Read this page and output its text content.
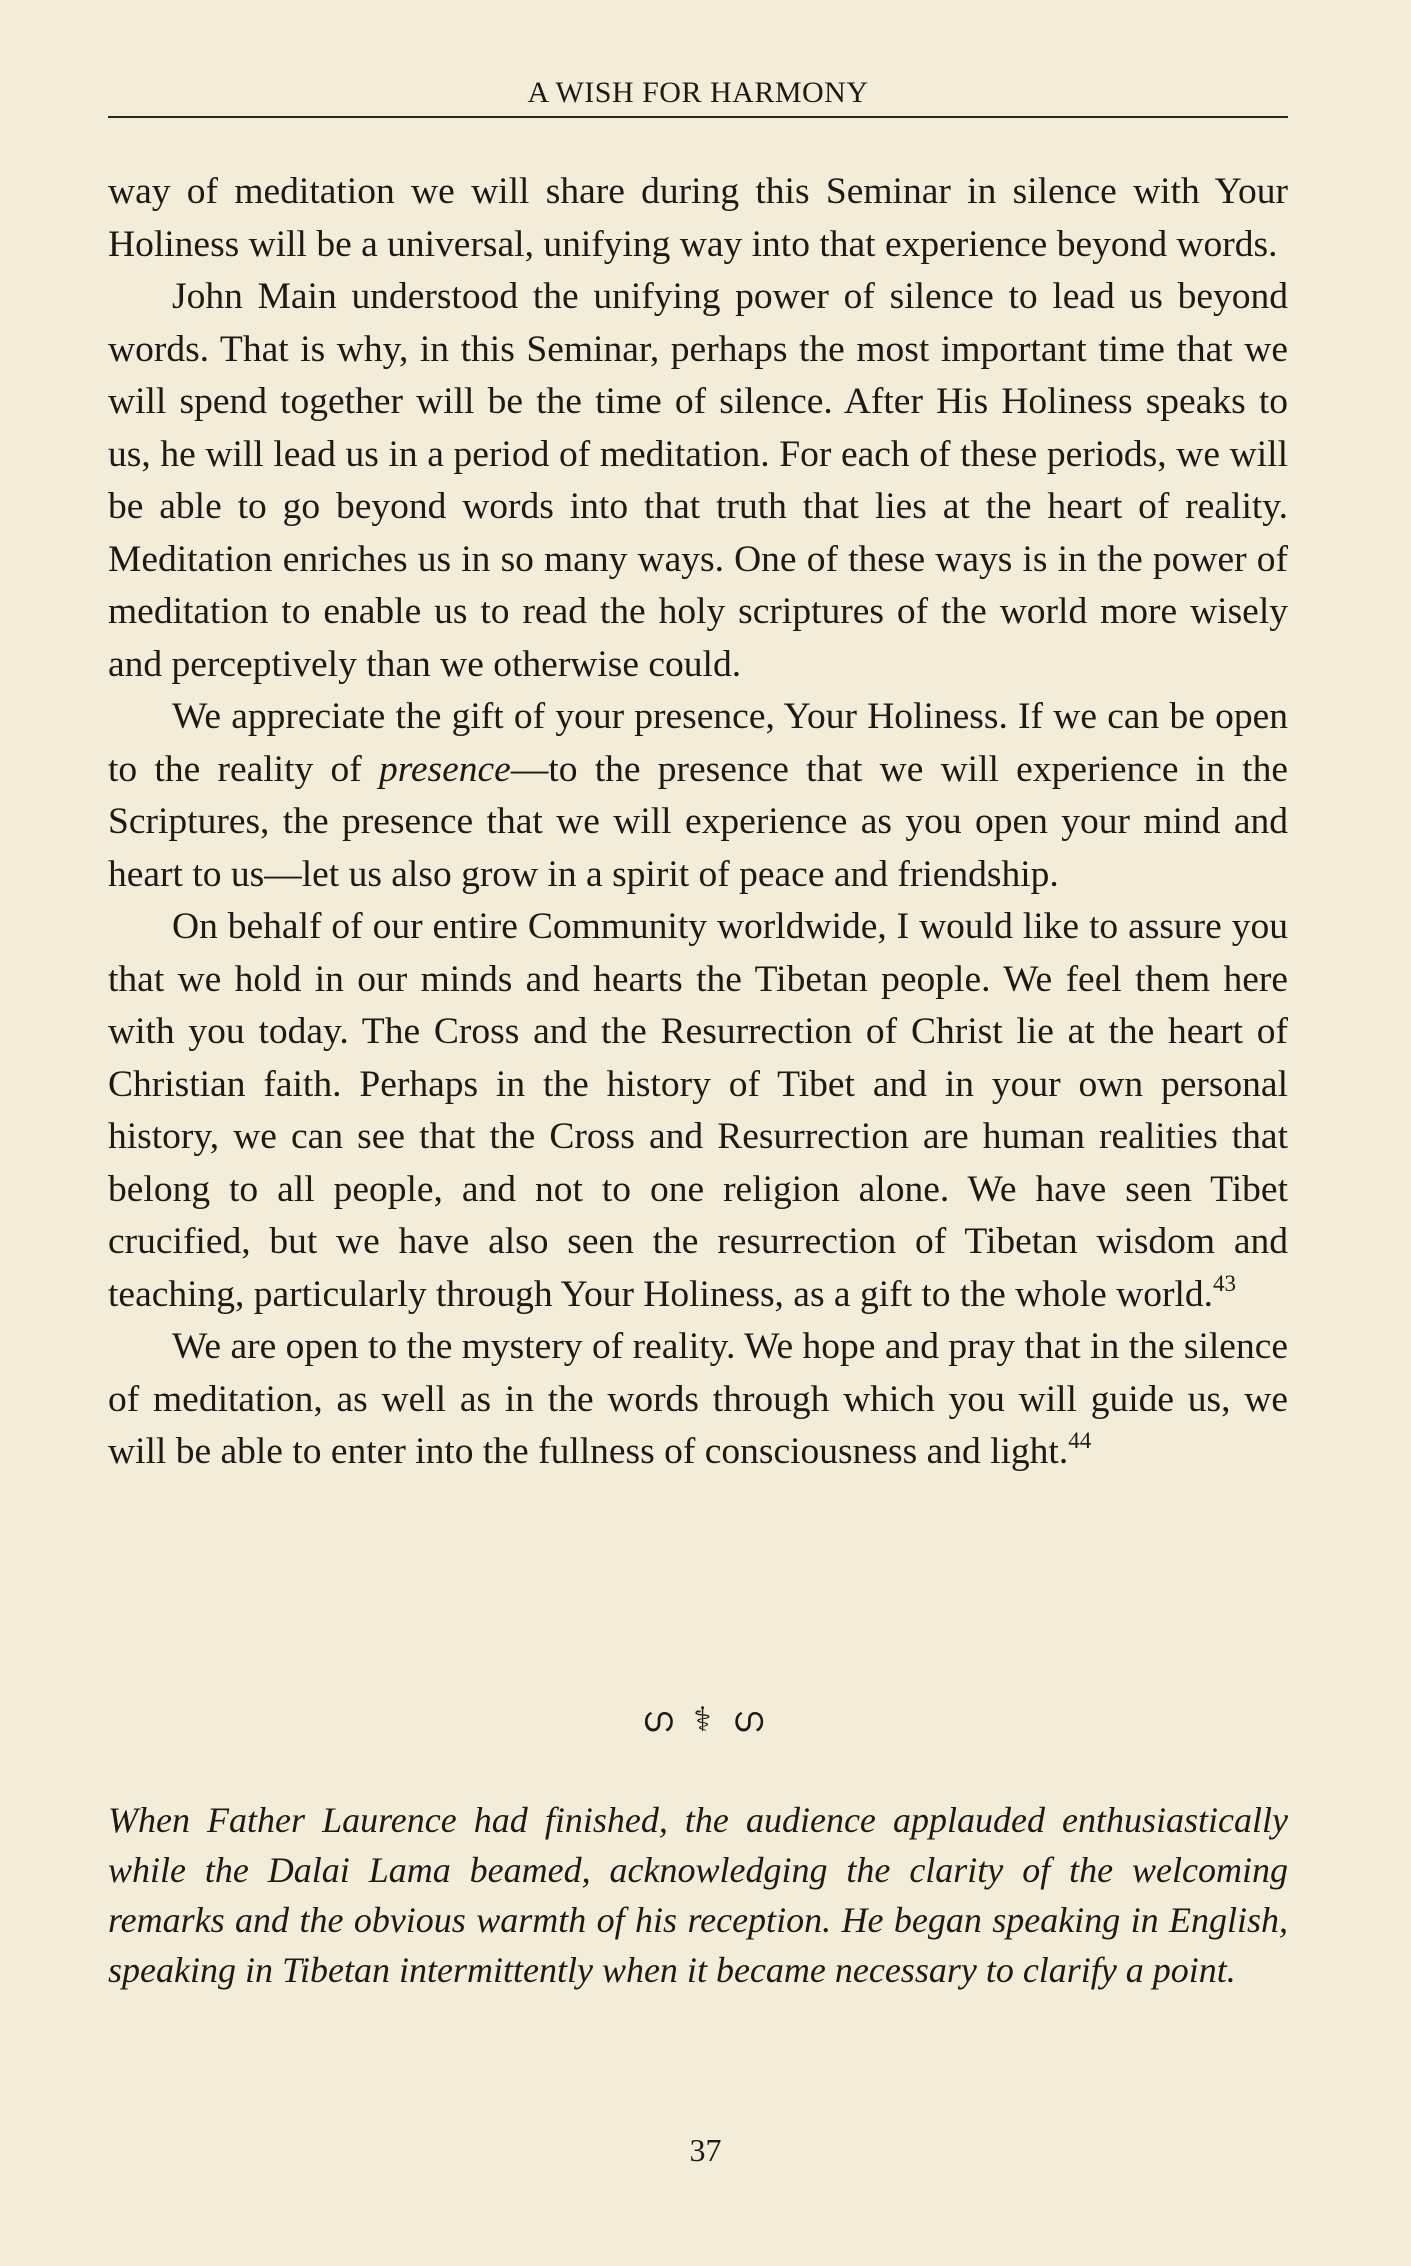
A WISH FOR HARMONY

way of meditation we will share during this Seminar in silence with Your Holiness will be a universal, unifying way into that experience beyond words.

John Main understood the unifying power of silence to lead us beyond words. That is why, in this Seminar, perhaps the most important time that we will spend together will be the time of silence. After His Holiness speaks to us, he will lead us in a period of meditation. For each of these periods, we will be able to go beyond words into that truth that lies at the heart of reality. Meditation enriches us in so many ways. One of these ways is in the power of meditation to enable us to read the holy scriptures of the world more wisely and perceptively than we otherwise could.

We appreciate the gift of your presence, Your Holiness. If we can be open to the reality of presence—to the presence that we will experience in the Scriptures, the presence that we will experience as you open your mind and heart to us—let us also grow in a spirit of peace and friendship.

On behalf of our entire Community worldwide, I would like to assure you that we hold in our minds and hearts the Tibetan people. We feel them here with you today. The Cross and the Resurrection of Christ lie at the heart of Christian faith. Perhaps in the history of Tibet and in your own personal history, we can see that the Cross and Resurrection are human realities that belong to all people, and not to one religion alone. We have seen Tibet crucified, but we have also seen the resurrection of Tibetan wisdom and teaching, particularly through Your Holiness, as a gift to the whole world.$^{43}$

We are open to the mystery of reality. We hope and pray that in the silence of meditation, as well as in the words through which you will guide us, we will be able to enter into the fullness of consciousness and light.$^{44}$

ഗ ⚕ ഗ
When Father Laurence had finished, the audience applauded enthusiastically while the Dalai Lama beamed, acknowledging the clarity of the welcoming remarks and the obvious warmth of his reception. He began speaking in English, speaking in Tibetan intermittently when it became necessary to clarify a point.
37
